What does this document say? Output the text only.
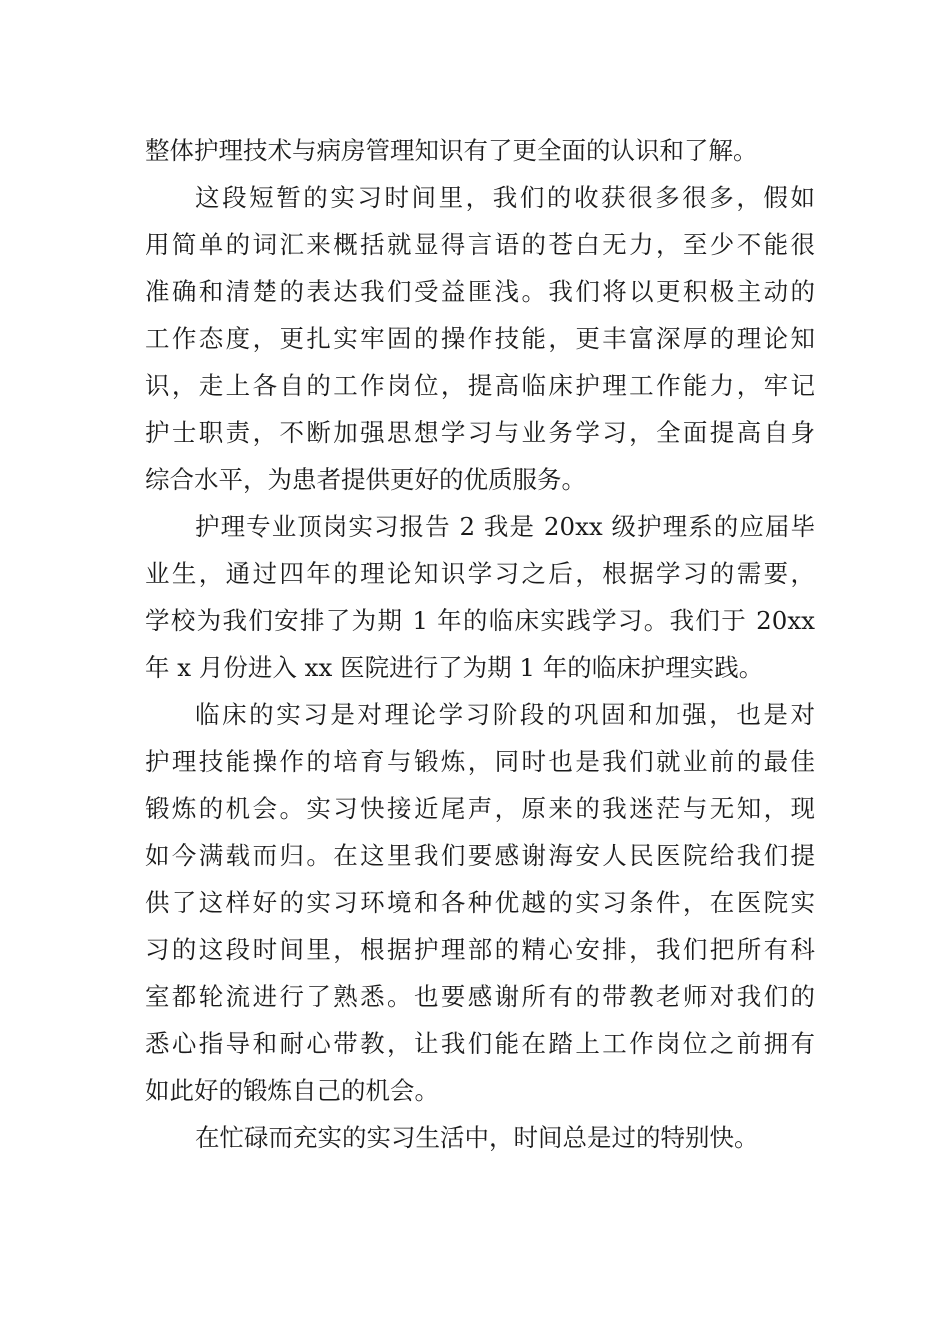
整体护理技术与病房管理知识有了更全面的认识和了解。
这段短暂的实习时间里，我们的收获很多很多，假如
用简单的词汇来概括就显得言语的苍白无力，至少不能很
准确和清楚的表达我们受益匪浅。我们将以更积极主动的
工作态度，更扎实牢固的操作技能，更丰富深厚的理论知
识，走上各自的工作岗位，提高临床护理工作能力，牢记
护士职责，不断加强思想学习与业务学习，全面提高自身
综合水平，为患者提供更好的优质服务。
护理专业顶岗实习报告 2 我是 20xx 级护理系的应届毕
业生，通过四年的理论知识学习之后，根据学习的需要，
学校为我们安排了为期 1 年的临床实践学习。我们于 20xx
年 x 月份进入 xx 医院进行了为期 1 年的临床护理实践。
临床的实习是对理论学习阶段的巩固和加强，也是对
护理技能操作的培育与锻炼，同时也是我们就业前的最佳
锻炼的机会。实习快接近尾声，原来的我迷茫与无知，现
如今满载而归。在这里我们要感谢海安人民医院给我们提
供了这样好的实习环境和各种优越的实习条件，在医院实
习的这段时间里，根据护理部的精心安排，我们把所有科
室都轮流进行了熟悉。也要感谢所有的带教老师对我们的
悉心指导和耐心带教，让我们能在踏上工作岗位之前拥有
如此好的锻炼自己的机会。
在忙碌而充实的实习生活中，时间总是过的特别快。
